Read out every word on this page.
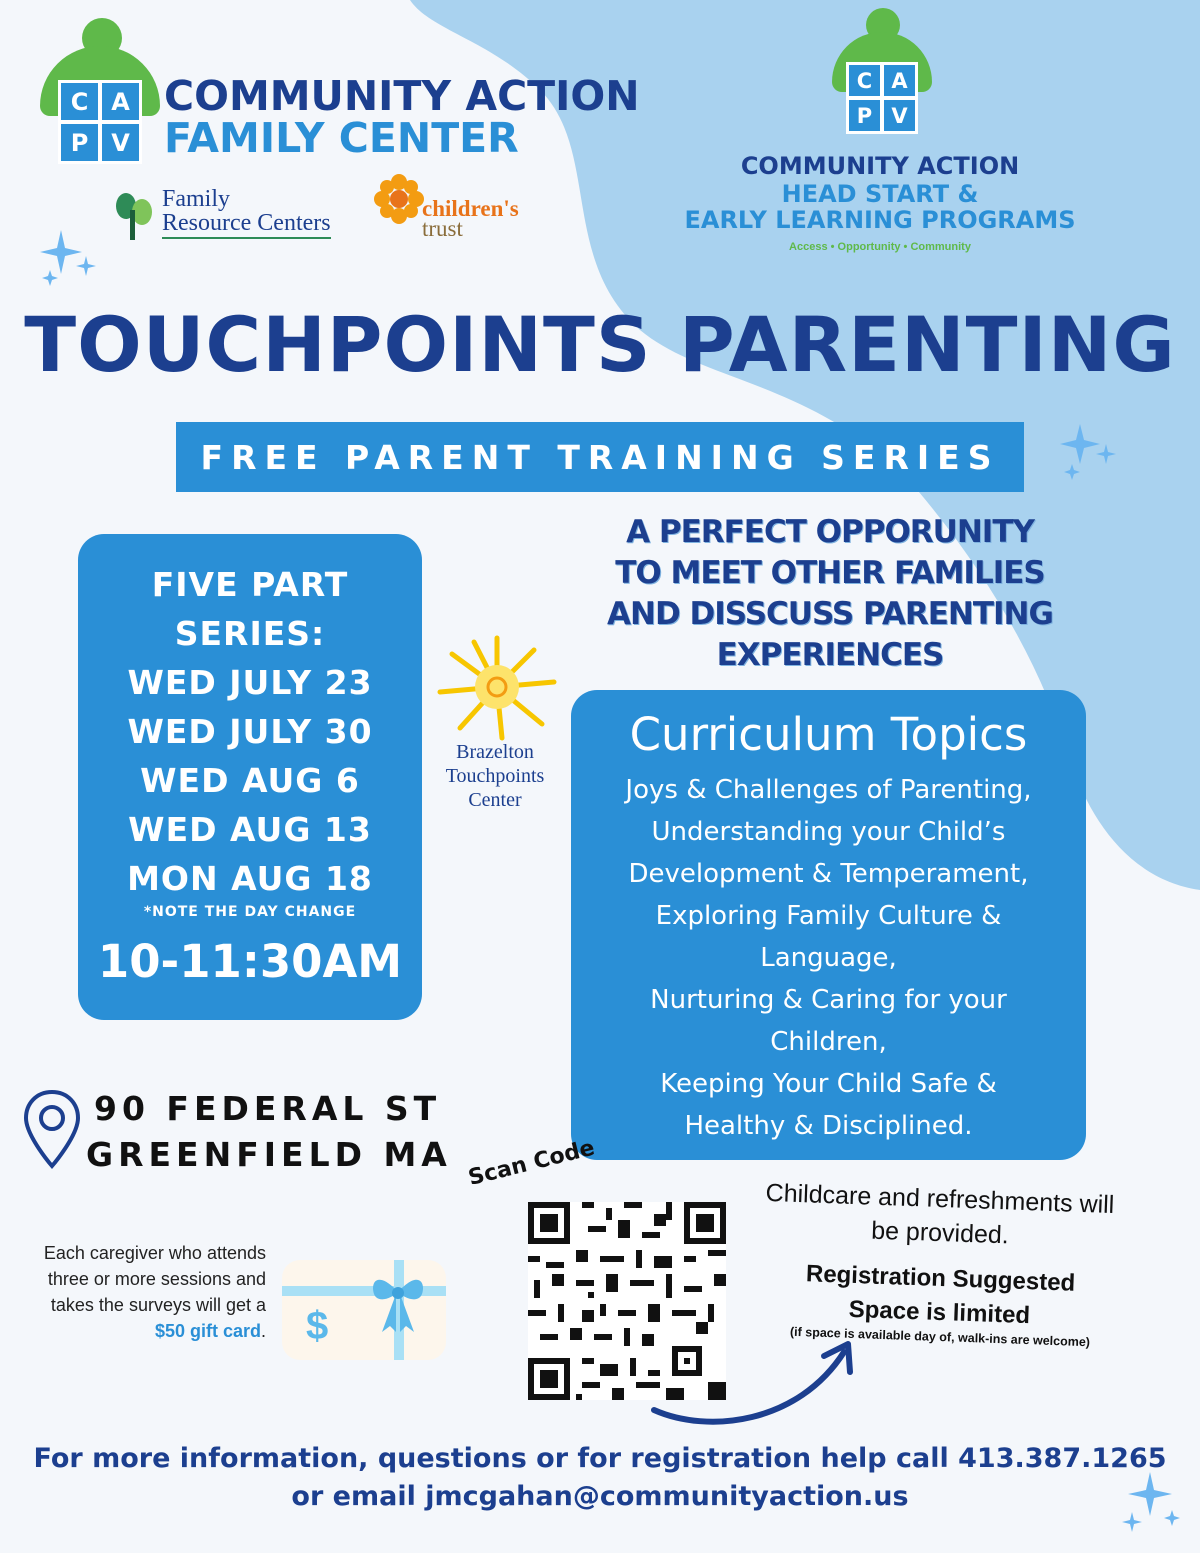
C A
P V
COMMUNITY ACTION
FAMILY CENTER
Family
Resource Centers
children's
trust
C A
P V
COMMUNITY ACTION
HEAD START &
EARLY LEARNING PROGRAMS
Access • Opportunity • Community
TOUCHPOINTS PARENTING
FREE PARENT TRAINING SERIES
FIVE PART
SERIES:
WED JULY 23
WED JULY 30
WED AUG 6
WED AUG 13
MON AUG 18
*NOTE THE DAY CHANGE
10-11:30AM
Brazelton
Touchpoints
Center
A PERFECT OPPORUNITY
TO MEET OTHER FAMILIES
AND DISSCUSS PARENTING
EXPERIENCES
Curriculum Topics
Joys & Challenges of Parenting,
Understanding your Child’s
Development & Temperament,
Exploring Family Culture &
Language,
Nurturing & Caring for your
Children,
Keeping Your Child Safe &
Healthy & Disciplined.
90 FEDERAL ST
GREENFIELD MA
Each caregiver who attends three or more sessions and takes the surveys will get a $50 gift card. $
Scan Code
Childcare and refreshments will
be provided.
Registration Suggested
Space is limited
(if space is available day of, walk-ins are welcome)
For more information, questions or for registration help call 413.387.1265
or email jmcgahan@communityaction.us
